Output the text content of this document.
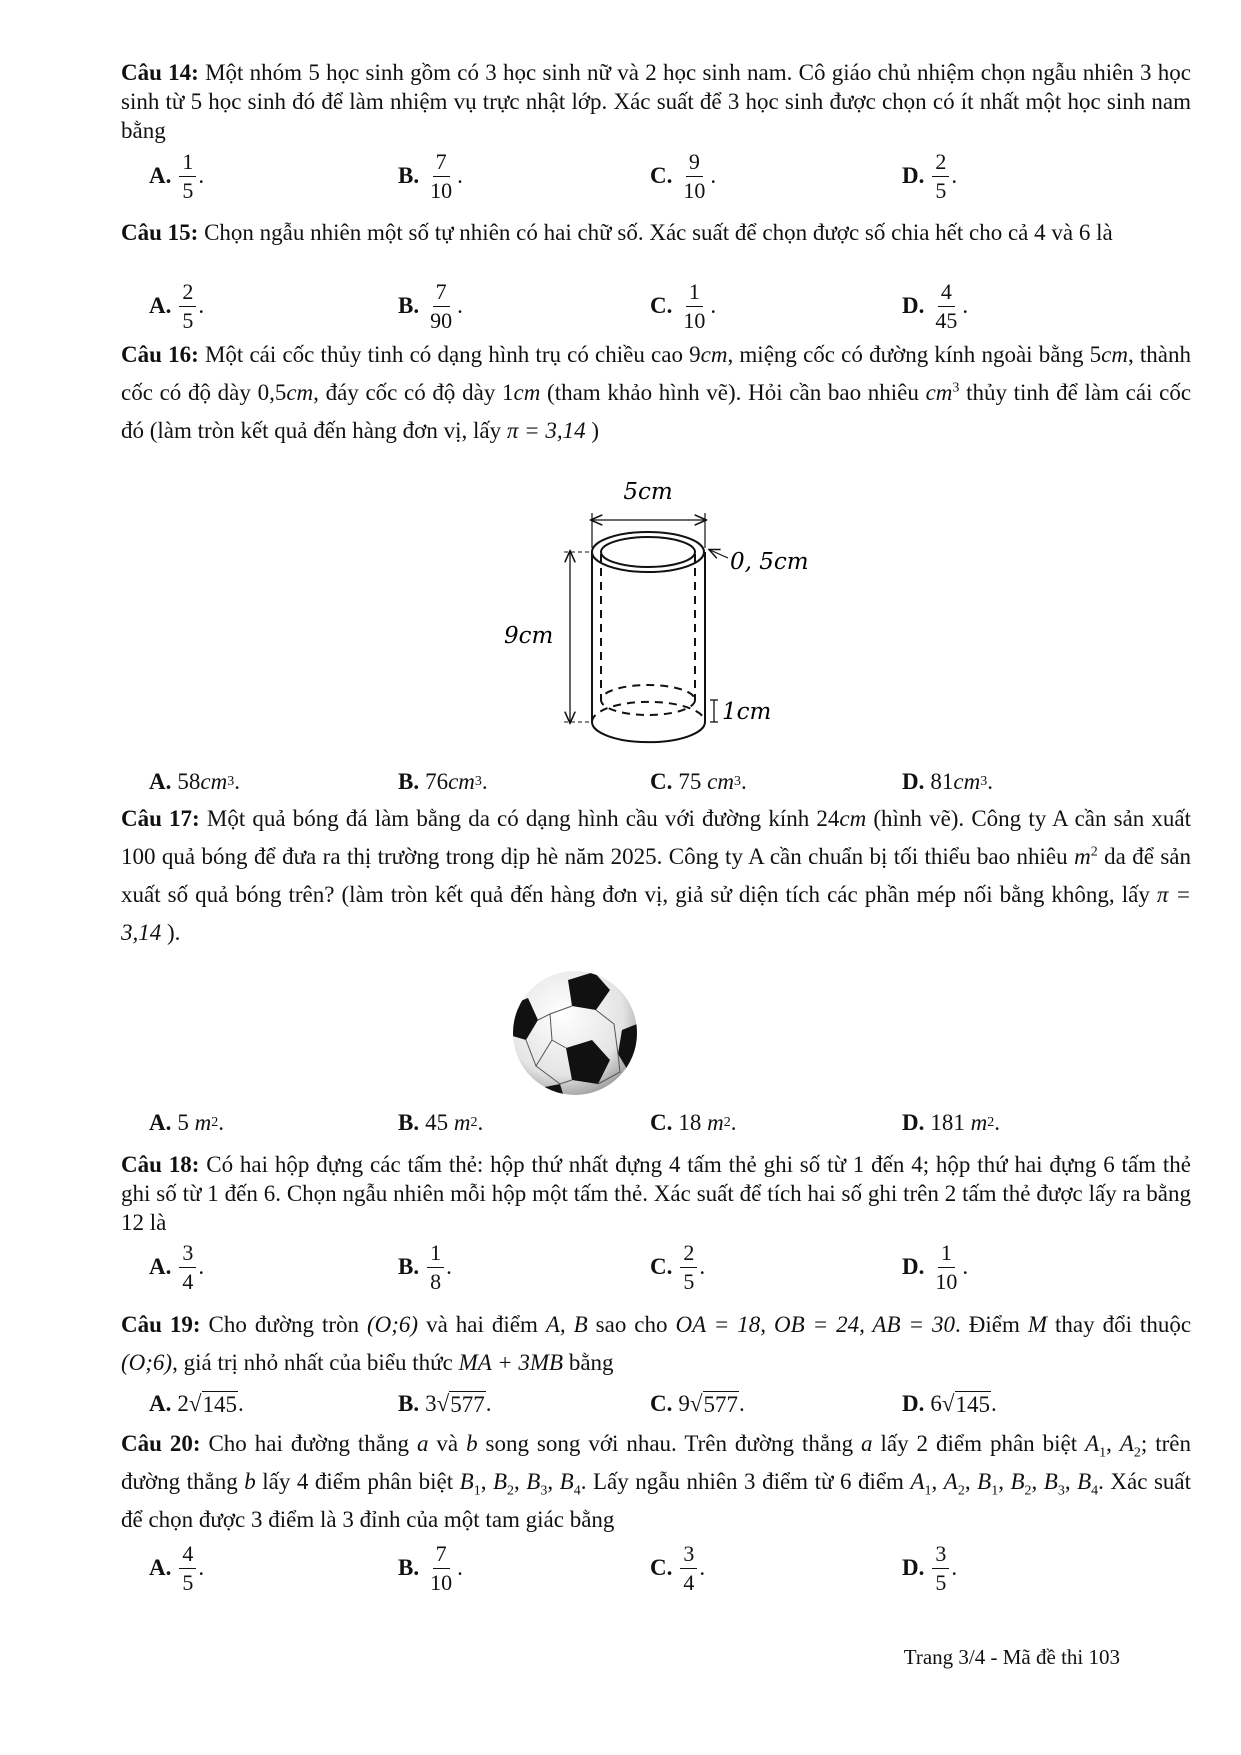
Câu 14: Một nhóm 5 học sinh gồm có 3 học sinh nữ và 2 học sinh nam. Cô giáo chủ nhiệm chọn ngẫu nhiên 3 học sinh từ 5 học sinh đó để làm nhiệm vụ trực nhật lớp. Xác suất để 3 học sinh được chọn có ít nhất một học sinh nam bằng
A. $\frac{1}{5}$ .	B. $\frac{7}{10}$ .	C. $\frac{9}{10}$ .	D. $\frac{2}{5}$ .
Câu 15: Chọn ngẫu nhiên một số tự nhiên có hai chữ số. Xác suất để chọn được số chia hết cho cả 4 và 6 là
A. $\frac{2}{5}$ .	B. $\frac{7}{90}$ .	C. $\frac{1}{10}$ .	D. $\frac{4}{45}$ .
Câu 16: Một cái cốc thủy tinh có dạng hình trụ có chiều cao 9cm, miệng cốc có đường kính ngoài bằng 5cm, thành cốc có độ dày 0,5cm, đáy cốc có độ dày 1cm (tham khảo hình vẽ). Hỏi cần bao nhiêu $cm^3$ thủy tinh để làm cái cốc đó (làm tròn kết quả đến hàng đơn vị, lấy π = 3,14 )
5cm
0, 5cm
9cm
1cm
A. 58 cm 3 .	B. 76 cm 3 .	C. 75
cm 3 .	D. 81 cm 3 .
Câu 17: Một quả bóng đá làm bằng da có dạng hình cầu với đường kính 24cm (hình vẽ). Công ty A cần sản xuất 100 quả bóng để đưa ra thị trường trong dịp hè năm 2025. Công ty A cần chuẩn bị tối thiểu bao nhiêu $m^2$ da để sản xuất số quả bóng trên? (làm tròn kết quả đến hàng đơn vị, giả sử diện tích các phần mép nối bằng không, lấy π = 3,14 ).
A. 5
m 2 .	B. 45
m 2 .	C. 18
m 2 .	D. 181
m 2 .
Câu 18: Có hai hộp đựng các tấm thẻ: hộp thứ nhất đựng 4 tấm thẻ ghi số từ 1 đến 4; hộp thứ hai đựng 6 tấm thẻ ghi số từ 1 đến 6. Chọn ngẫu nhiên mỗi hộp một tấm thẻ. Xác suất để tích hai số ghi trên 2 tấm thẻ được lấy ra bằng 12 là
A. $\frac{3}{4}$ .	B. $\frac{1}{8}$ .	C. $\frac{2}{5}$ .	D. $\frac{1}{10}$ .
Câu 19: Cho đường tròn (O;6) và hai điểm A, B sao cho OA = 18, OB = 24, AB = 30. Điểm M thay đổi thuộc (O;6), giá trị nhỏ nhất của biểu thức MA + 3MB bằng
A. 2 √ 145 .	B. 3 √ 577 .	C. 9 √ 577 .	D. 6 √ 145 .
Câu 20: Cho hai đường thẳng a và b song song với nhau. Trên đường thẳng a lấy 2 điểm phân biệt $A_1$, $A_2$; trên đường thẳng b lấy 4 điểm phân biệt $B_1$, $B_2$, $B_3$, $B_4$. Lấy ngẫu nhiên 3 điểm từ 6 điểm $A_1$, $A_2$, $B_1$, $B_2$, $B_3$, $B_4$. Xác suất để chọn được 3 điểm là 3 đỉnh của một tam giác bằng
A. $\frac{4}{5}$ .	B. $\frac{7}{10}$ .	C. $\frac{3}{4}$ .	D. $\frac{3}{5}$ .
Trang 3/4 - Mã đề thi 103
